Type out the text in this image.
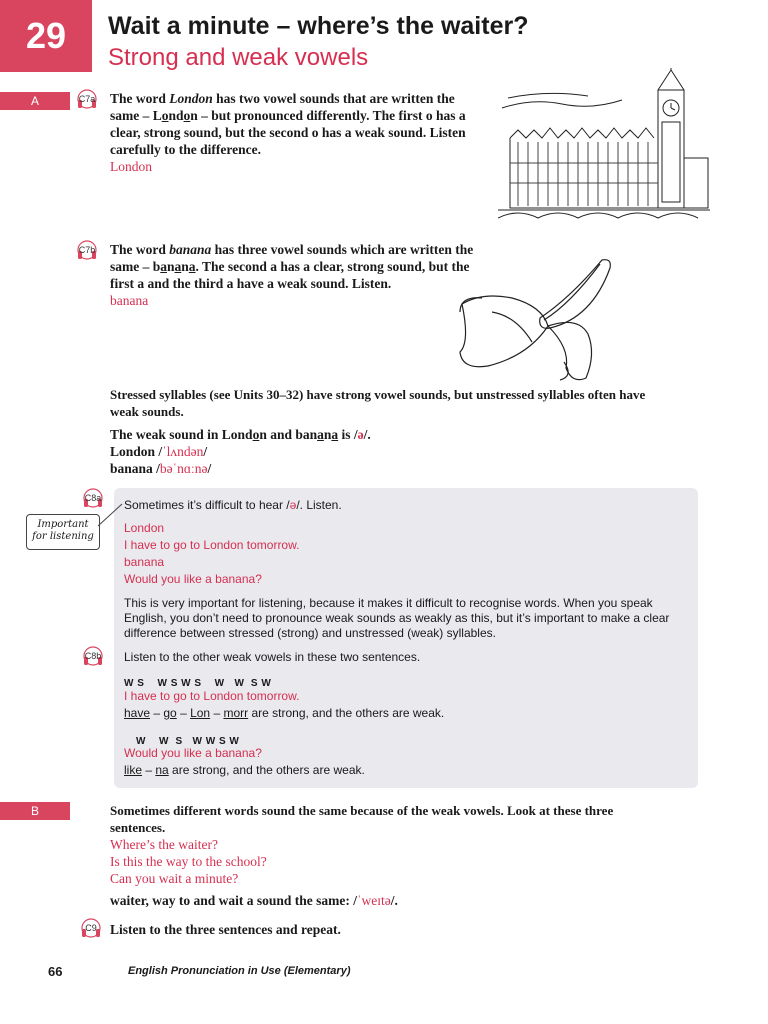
29 Wait a minute – where’s the waiter?
Strong and weak vowels
A	C7a The word London has two vowel sounds that are written the

same – London – but pronounced differently. The first o has a

clear, strong sound, but the second o has a weak sound. Listen

carefully to the difference.

London
C7b The word banana has three vowel sounds which are written the

same – banana. The second a has a clear, strong sound, but the

first a and the third a have a weak sound. Listen.

banana

Stressed syllables (see Units 30–32) have strong vowel sounds, but unstressed syllables often have

weak sounds.

The weak sound in London and banana is /ə/.
London /ˈlʌndən/
banana /bəˈnɑːnə/
C8a
Important
for listening
Sometimes it’s difficult to hear /ə/. Listen.
London
I have to go to London tomorrow.
banana
Would you like a banana?
This is very important for listening, because it makes it difficult to recognise words. When you speak
English, you don’t need to pronounce weak sounds as weakly as this, but it’s important to make a clear
difference between stressed (strong) and unstressed (weak) syllables.
C8b Listen to the other weak vowels in these two sentences.
W S    W S W S    W   W  S W
I have to go to London tomorrow.
have – go – Lon – morr are strong, and the others are weak.
W    W  S   W W S W
Would you like a banana?
like – na are strong, and the others are weak.
B	Sometimes different words sound the same because of the weak vowels. Look at these three

sentences.

Where’s the waiter?
Is this the way to the school?
Can you wait a minute?
waiter, way to and wait a sound the same: /ˈweɪtə/.
C9 Listen to the three sentences and repeat.
66	English Pronunciation in Use (Elementary)
